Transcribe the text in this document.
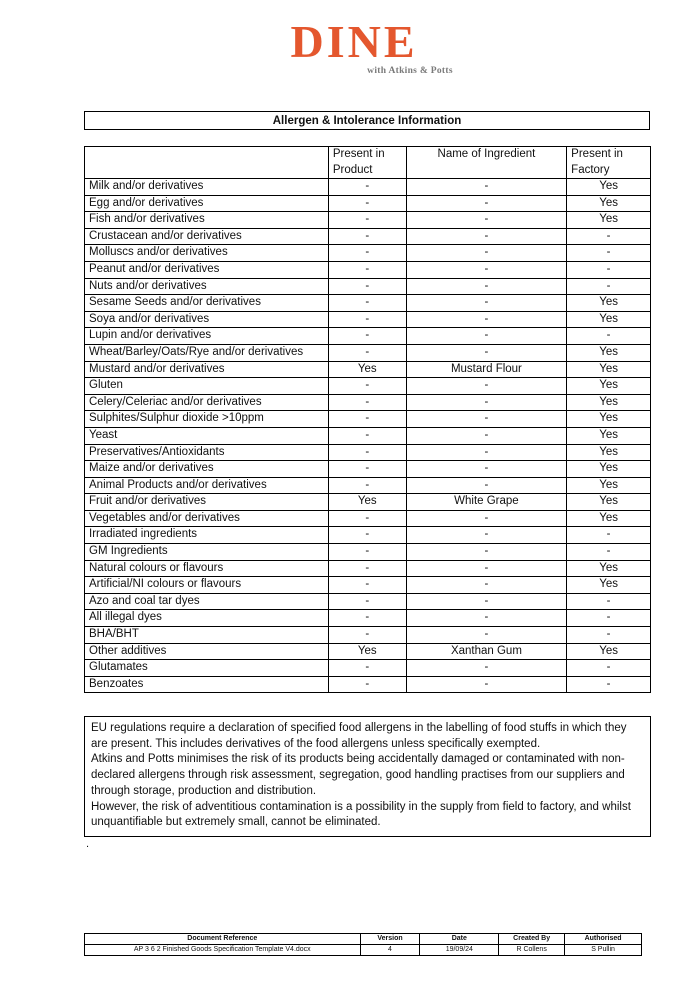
DINE
with Atkins & Potts
Allergen & Intolerance Information
	Present in Product	Name of Ingredient	Present in Factory
Milk and/or derivatives	-	-	Yes
Egg and/or derivatives	-	-	Yes
Fish and/or derivatives	-	-	Yes
Crustacean and/or derivatives	-	-	-
Molluscs and/or derivatives	-	-	-
Peanut and/or derivatives	-	-	-
Nuts and/or derivatives	-	-	-
Sesame Seeds and/or derivatives	-	-	Yes
Soya and/or derivatives	-	-	Yes
Lupin and/or derivatives	-	-	-
Wheat/Barley/Oats/Rye and/or derivatives	-	-	Yes
Mustard and/or derivatives	Yes	Mustard Flour	Yes
Gluten	-	-	Yes
Celery/Celeriac and/or derivatives	-	-	Yes
Sulphites/Sulphur dioxide >10ppm	-	-	Yes
Yeast	-	-	Yes
Preservatives/Antioxidants	-	-	Yes
Maize and/or derivatives	-	-	Yes
Animal Products and/or derivatives	-	-	Yes
Fruit and/or derivatives	Yes	White Grape	Yes
Vegetables and/or derivatives	-	-	Yes
Irradiated ingredients	-	-	-
GM Ingredients	-	-	-
Natural colours or flavours	-	-	Yes
Artificial/NI colours or flavours	-	-	Yes
Azo and coal tar dyes	-	-	-
All illegal dyes	-	-	-
BHA/BHT	-	-	-
Other additives	Yes	Xanthan Gum	Yes
Glutamates	-	-	-
Benzoates	-	-	-

EU regulations require a declaration of specified food allergens in the labelling of food stuffs in which they are present. This includes derivatives of the food allergens unless specifically exempted.

Atkins and Potts minimises the risk of its products being accidentally damaged or contaminated with non-declared allergens through risk assessment, segregation, good handling practises from our suppliers and through storage, production and distribution.

However, the risk of adventitious contamination is a possibility in the supply from field to factory, and whilst unquantifiable but extremely small, cannot be eliminated.

.
Document Reference	Version	Date	Created By	Authorised
AP 3 6 2 Finished Goods Specification Template V4.docx	4	19/09/24	R Collens	S Pullin
